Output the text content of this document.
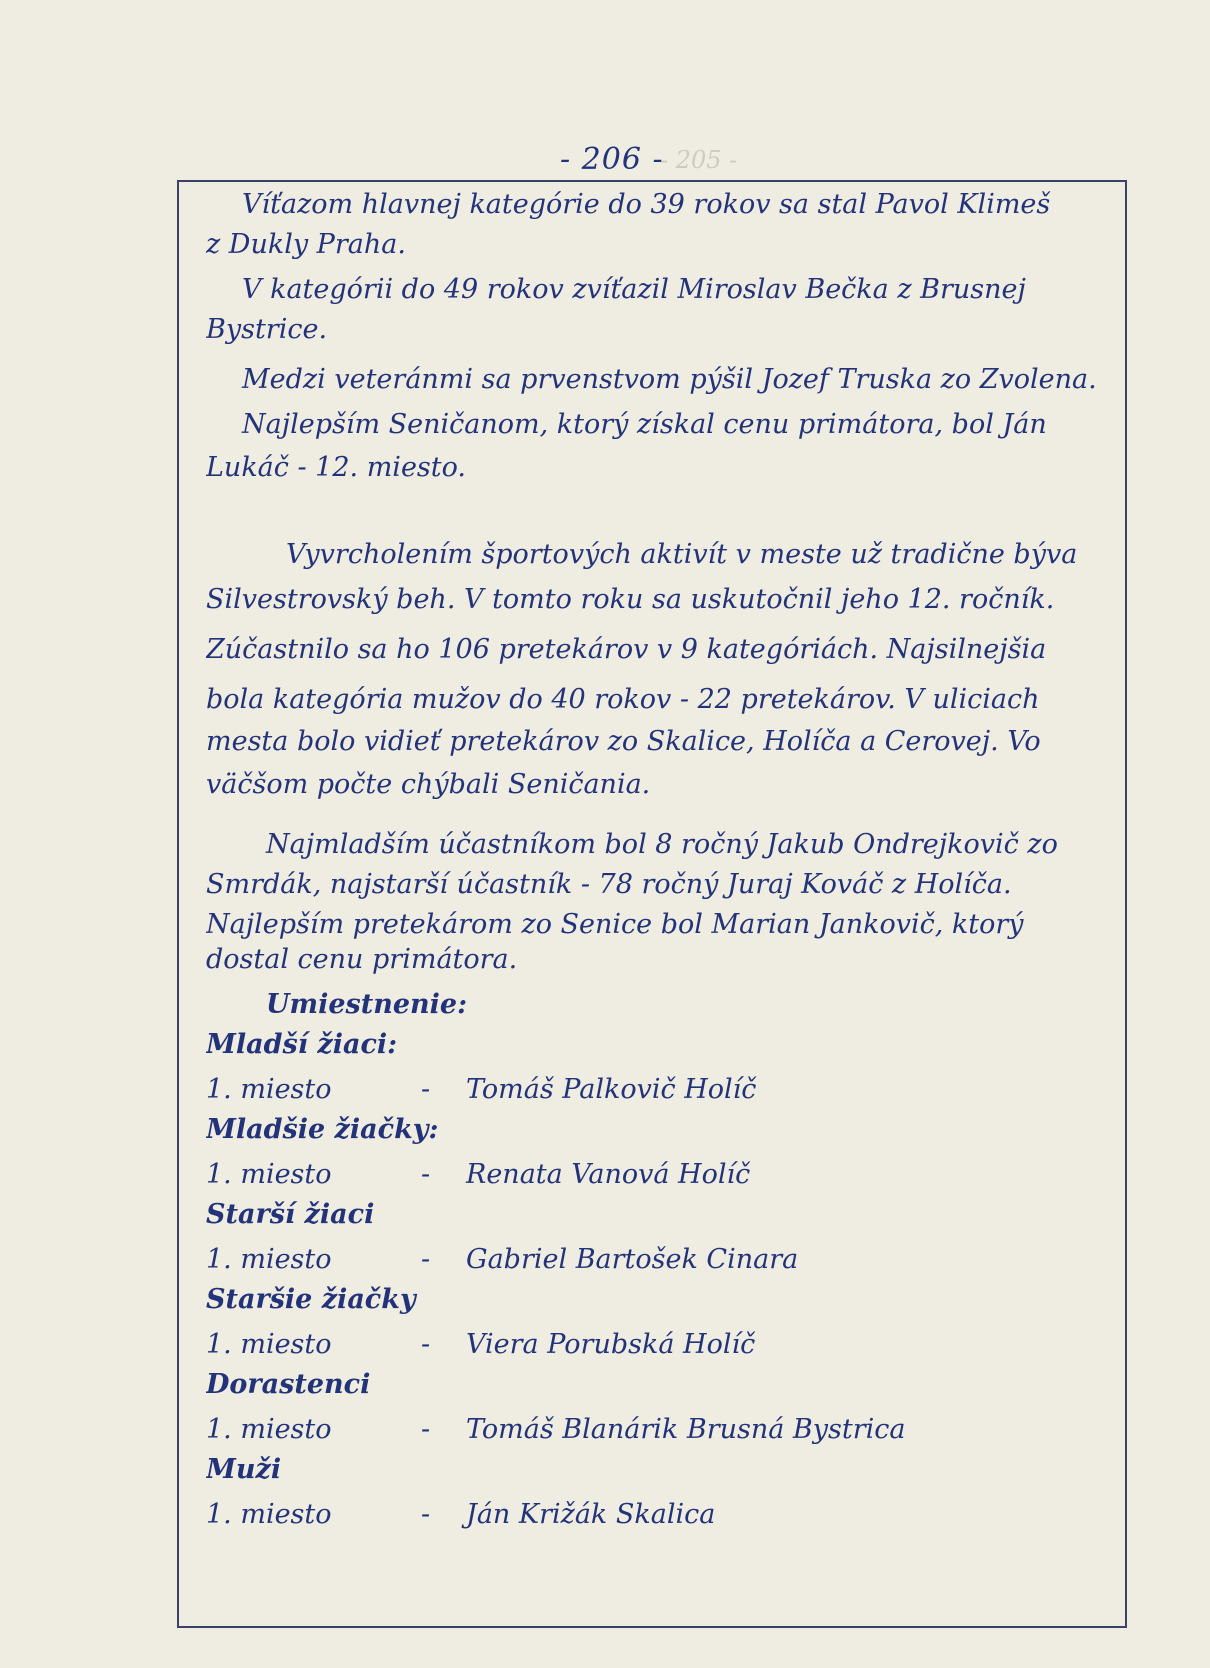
- 206 -
- 205 -
Víťazom hlavnej kategórie do 39 rokov sa stal Pavol Klimeš
z Dukly Praha.
V kategórii do 49 rokov zvíťazil Miroslav Bečka z Brusnej
Bystrice.
Medzi veteránmi sa prvenstvom pýšil Jozef Truska zo Zvolena.
Najlepším Seničanom, ktorý získal cenu primátora, bol Ján
Lukáč - 12. miesto.
Vyvrcholením športových aktivít v meste už tradične býva
Silvestrovský beh. V tomto roku sa uskutočnil jeho 12. ročník.
Zúčastnilo sa ho 106 pretekárov v 9 kategóriách. Najsilnejšia
bola kategória mužov do 40 rokov - 22 pretekárov. V uliciach
mesta bolo vidieť pretekárov zo Skalice, Holíča a Cerovej. Vo
väčšom počte chýbali Seničania.
Najmladším účastníkom bol 8 ročný Jakub Ondrejkovič zo
Smrdák, najstarší účastník - 78 ročný Juraj Kováč z Holíča.
Najlepším pretekárom zo Senice bol Marian Jankovič, ktorý
dostal cenu primátora.
Umiestnenie:
Mladší žiaci:
1. miesto	- Tomáš Palkovič Holíč
Mladšie žiačky:
1. miesto	- Renata Vanová Holíč
Starší žiaci
1. miesto	- Gabriel Bartošek Cinara
Staršie žiačky
1. miesto	- Viera Porubská Holíč
Dorastenci
1. miesto	- Tomáš Blanárik Brusná Bystrica
Muži
1. miesto	- Ján Križák Skalica
